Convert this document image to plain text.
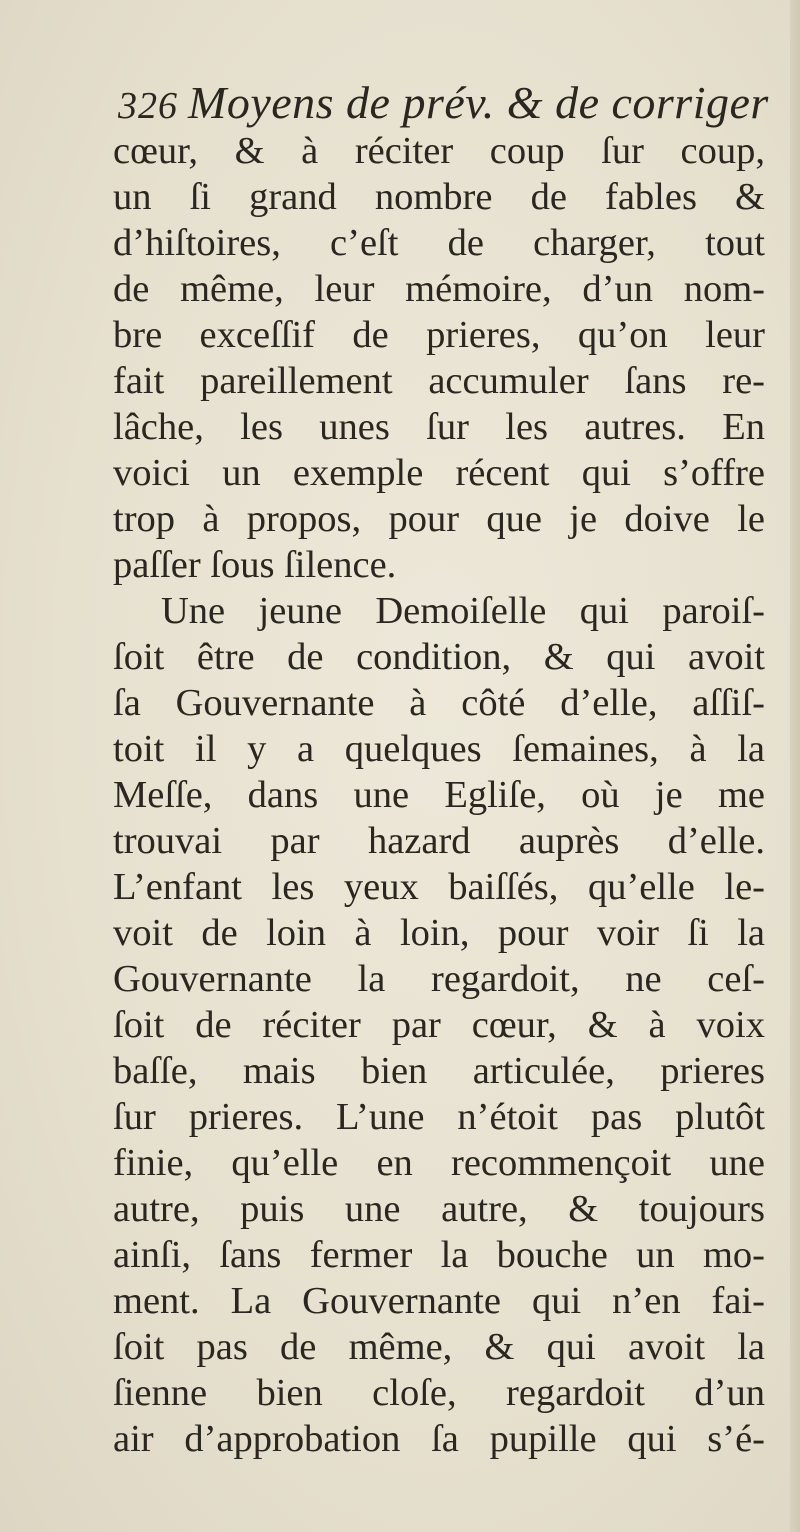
326 Moyens de prév. & de corriger
cœur, & à réciter coup ſur coup,
un ſi grand nombre de fables &
d’hiſtoires, c’eſt de charger, tout
de même, leur mémoire, d’un nom-
bre exceſſif de prieres, qu’on leur
fait pareillement accumuler ſans re-
lâche, les unes ſur les autres. En
voici un exemple récent qui s’offre
trop à propos, pour que je doive le
paſſer ſous ſilence.
Une jeune Demoiſelle qui paroiſ-
ſoit être de condition, & qui avoit
ſa Gouvernante à côté d’elle, aſſiſ-
toit il y a quelques ſemaines, à la
Meſſe, dans une Egliſe, où je me
trouvai par hazard auprès d’elle.
L’enfant les yeux baiſſés, qu’elle le-
voit de loin à loin, pour voir ſi la
Gouvernante la regardoit, ne ceſ-
ſoit de réciter par cœur, & à voix
baſſe, mais bien articulée, prieres
ſur prieres. L’une n’étoit pas plutôt
finie, qu’elle en recommençoit une
autre, puis une autre, & toujours
ainſi, ſans fermer la bouche un mo-
ment. La Gouvernante qui n’en fai-
ſoit pas de même, & qui avoit la
ſienne bien cloſe, regardoit d’un
air d’approbation ſa pupille qui s’é-
